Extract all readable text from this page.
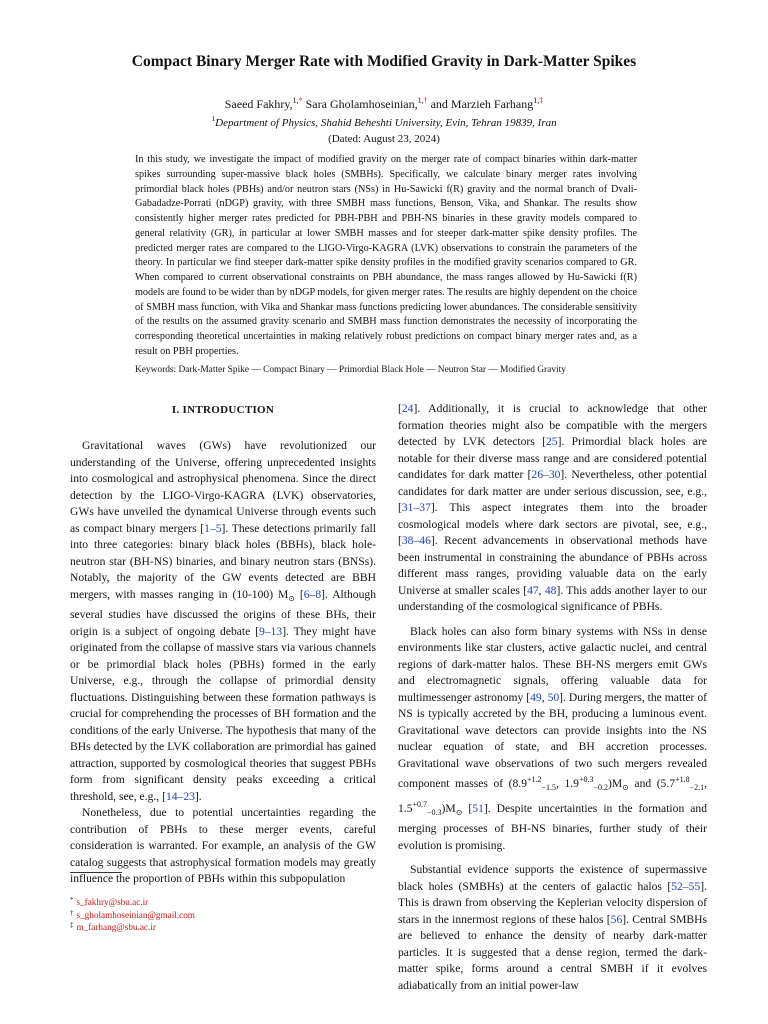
Compact Binary Merger Rate with Modified Gravity in Dark-Matter Spikes
Saeed Fakhry,$^{1,*}$ Sara Gholamhoseinian,$^{1,\dagger}$ and Marzieh Farhang$^{1,\ddagger}$
$^1$Department of Physics, Shahid Beheshti University, Evin, Tehran 19839, Iran
(Dated: August 23, 2024)

In this study, we investigate the impact of modified gravity on the merger rate of compact binaries within dark-matter spikes surrounding super-massive black holes (SMBHs). Specifically, we calculate binary merger rates involving primordial black holes (PBHs) and/or neutron stars (NSs) in Hu-Sawicki f(R) gravity and the normal branch of Dvali-Gabadadze-Porrati (nDGP) gravity, with three SMBH mass functions, Benson, Vika, and Shankar. The results show consistently higher merger rates predicted for PBH-PBH and PBH-NS binaries in these gravity models compared to general relativity (GR), in particular at lower SMBH masses and for steeper dark-matter spike density profiles. The predicted merger rates are compared to the LIGO-Virgo-KAGRA (LVK) observations to constrain the parameters of the theory. In particular we find steeper dark-matter spike density profiles in the modified gravity scenarios compared to GR. When compared to current observational constraints on PBH abundance, the mass ranges allowed by Hu-Sawicki f(R) models are found to be wider than by nDGP models, for given merger rates. The results are highly dependent on the choice of SMBH mass function, with Vika and Shankar mass functions predicting lower abundances. The considerable sensitivity of the results on the assumed gravity scenario and SMBH mass function demonstrates the necessity of incorporating the corresponding theoretical uncertainties in making relatively robust predictions on compact binary merger rates and, as a result on PBH properties.

Keywords: Dark-Matter Spike — Compact Binary — Primordial Black Hole — Neutron Star — Modified Gravity
I. INTRODUCTION

Gravitational waves (GWs) have revolutionized our understanding of the Universe, offering unprecedented insights into cosmological and astrophysical phenomena. Since the direct detection by the LIGO-Virgo-KAGRA (LVK) observatories, GWs have unveiled the dynamical Universe through events such as compact binary mergers [1–5]. These detections primarily fall into three categories: binary black holes (BBHs), black hole-neutron star (BH-NS) binaries, and binary neutron stars (BNSs). Notably, the majority of the GW events detected are BBH mergers, with masses ranging in (10-100) $M_⊙$ [6–8]. Although several studies have discussed the origins of these BHs, their origin is a subject of ongoing debate [9–13]. They might have originated from the collapse of massive stars via various channels or be primordial black holes (PBHs) formed in the early Universe, e.g., through the collapse of primordial density fluctuations. Distinguishing between these formation pathways is crucial for comprehending the processes of BH formation and the conditions of the early Universe. The hypothesis that many of the BHs detected by the LVK collaboration are primordial has gained attraction, supported by cosmological theories that suggest PBHs form from significant density peaks exceeding a critical threshold, see, e.g., [14–23].

Nonetheless, due to potential uncertainties regarding the contribution of PBHs to these merger events, careful consideration is warranted. For example, an analysis of the GW catalog suggests that astrophysical formation models may greatly influence the proportion of PBHs within this subpopulation

[24]. Additionally, it is crucial to acknowledge that other formation theories might also be compatible with the mergers detected by LVK detectors [25]. Primordial black holes are notable for their diverse mass range and are considered potential candidates for dark matter [26–30]. Nevertheless, other potential candidates for dark matter are under serious discussion, see, e.g., [31–37]. This aspect integrates them into the broader cosmological models where dark sectors are pivotal, see, e.g., [38–46]. Recent advancements in observational methods have been instrumental in constraining the abundance of PBHs across different mass ranges, providing valuable data on the early Universe at smaller scales [47, 48]. This adds another layer to our understanding of the cosmological significance of PBHs.

Black holes can also form binary systems with NSs in dense environments like star clusters, active galactic nuclei, and central regions of dark-matter halos. These BH-NS mergers emit GWs and electromagnetic signals, offering valuable data for multimessenger astronomy [49, 50]. During mergers, the matter of NS is typically accreted by the BH, producing a luminous event. Gravitational wave detectors can provide insights into the NS nuclear equation of state, and BH accretion processes. Gravitational wave observations of two such mergers revealed component masses of ($8.9^{+1.2}_{-1.5}$, $1.9^{+0.3}_{-0.2})M_⊙$ and ($5.7^{+1.8}_{-2.1}$, $1.5^{+0.7}_{-0.3})M_⊙$ [51]. Despite uncertainties in the formation and merging processes of BH-NS binaries, further study of their evolution is promising.

Substantial evidence supports the existence of supermassive black holes (SMBHs) at the centers of galactic halos [52–55]. This is drawn from observing the Keplerian velocity dispersion of stars in the innermost regions of these halos [56]. Central SMBHs are believed to enhance the density of nearby dark-matter particles. It is suggested that a dense region, termed the dark-matter spike, forms around a central SMBH if it evolves adiabatically from an initial power-law

* s_fakhry@sbu.ac.ir
† s_gholamhoseinian@gmail.com
‡ m_farhang@sbu.ac.ir
